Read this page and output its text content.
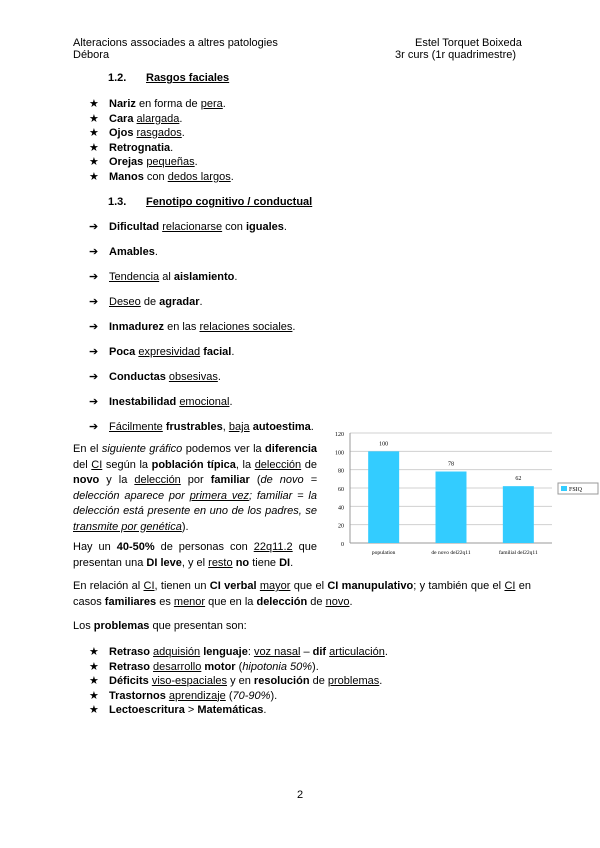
Alteracions associades a altres patologies
Débora
Estel Torquet Boixeda
3r curs (1r quadrimestre)
1.2. Rasgos faciales
★ Nariz en forma de pera.
★ Cara alargada.
★ Ojos rasgados.
★ Retrognatia.
★ Orejas pequeñas.
★ Manos con dedos largos.
1.3. Fenotipo cognitivo / conductual
➔ Dificultad relacionarse con iguales.
➔ Amables.
➔ Tendencia al aislamiento.
➔ Deseo de agradar.
➔ Inmadurez en las relaciones sociales.
➔ Poca expresividad facial.
➔ Conductas obsesivas.
➔ Inestabilidad emocional.
➔ Fácilmente frustrables, baja autoestima.
En el siguiente gráfico podemos ver la diferencia del CI según la población típica, la delección de novo y la delección por familiar (de novo = delección aparece por primera vez; familiar = la delección está presente en uno de los padres, se transmite por genética).
Hay un 40-50% de personas con 22q11.2 que presentan una DI leve, y el resto no tiene DI.
0
20
40
60
80
100
120
100
population
78
de novo del22q11
62
familial del22q11
FSIQ
En relación al CI, tienen un CI verbal mayor que el CI manupulativo; y también que el CI en casos familiares es menor que en la delección de novo.
Los problemas que presentan son:
★ Retraso adquisión lenguaje: voz nasal – dif articulación.
★ Retraso desarrollo motor (hipotonia 50%).
★ Déficits viso-espaciales y en resolución de problemas.
★ Trastornos aprendizaje (70-90%).
★ Lectoescritura > Matemáticas.
2
